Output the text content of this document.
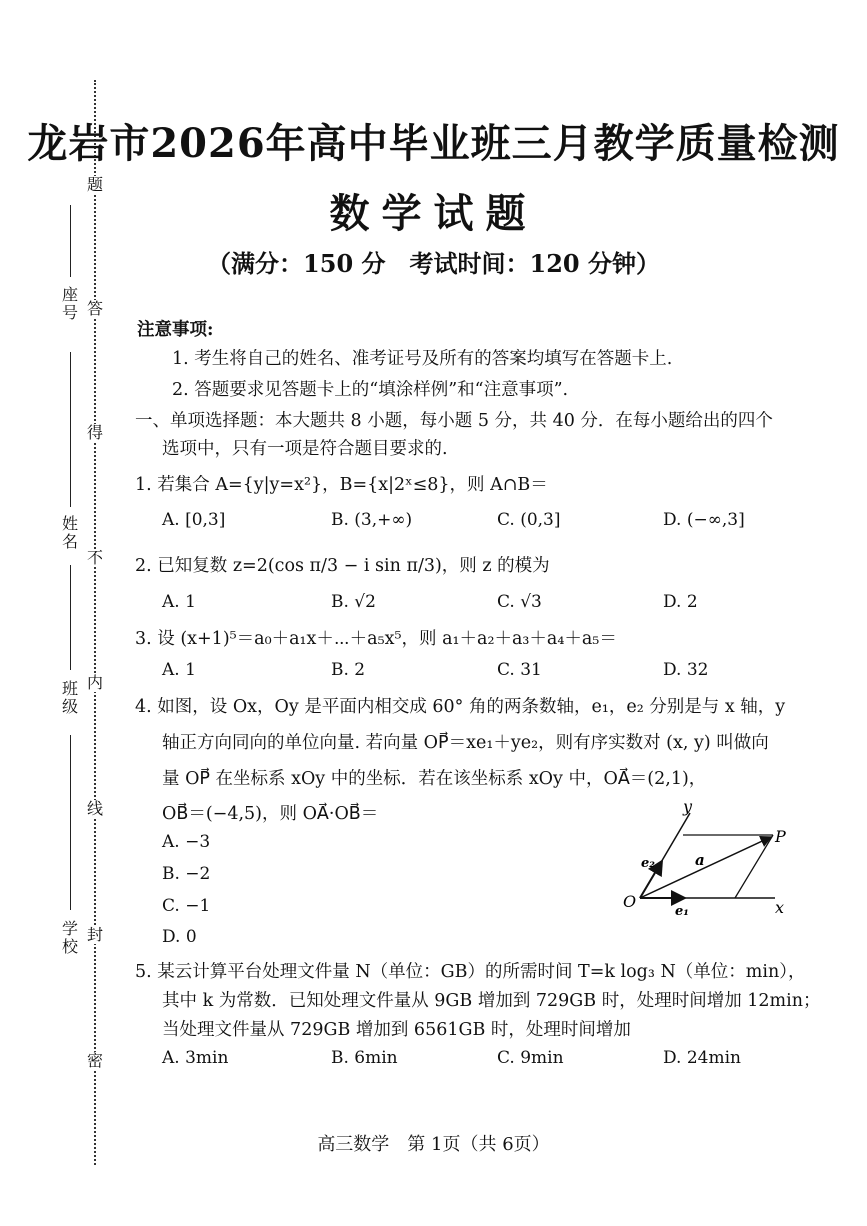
题
答
得
不
内
线
封
密
座号
姓名
班级
学校
龙岩市2026年高中毕业班三月教学质量检测
数学试题
（满分：150 分　考试时间：120 分钟）
注意事项:
1. 考生将自己的姓名、准考证号及所有的答案均填写在答题卡上.
2. 答题要求见答题卡上的“填涂样例”和“注意事项”.
一、单项选择题：本大题共 8 小题，每小题 5 分，共 40 分．在每小题给出的四个
选项中，只有一项是符合题目要求的.
1. 若集合 A={y|y=x²}，B={x|2ˣ≤8}，则 A∩B＝
A. [0,3]	B. (3,+∞)	C. (0,3]	D. (−∞,3]
2. 已知复数 z=2(cos π/3 − i sin π/3)，则 z 的模为
A. 1	B. √2	C. √3	D. 2
3. 设 (x+1)⁵＝a₀＋a₁x＋⋯＋a₅x⁵，则 a₁＋a₂＋a₃＋a₄＋a₅＝
A. 1	B. 2	C. 31	D. 32
4. 如图，设 Ox，Oy 是平面内相交成 60° 角的两条数轴，e₁，e₂ 分别是与 x 轴，y
轴正方向同向的单位向量. 若向量 OP⃗＝xe₁＋ye₂，则有序实数对 (x, y) 叫做向
量 OP⃗ 在坐标系 xOy 中的坐标．若在该坐标系 xOy 中，OA⃗＝(2,1)，
OB⃗＝(−4,5)，则 OA⃗·OB⃗＝
A. −3
B. −2
C. −1
D. 0
y
x
O
P
a
e₁
e₂
5. 某云计算平台处理文件量 N（单位：GB）的所需时间 T=k log₃ N（单位：min），
其中 k 为常数．已知处理文件量从 9GB 增加到 729GB 时，处理时间增加 12min；
当处理文件量从 729GB 增加到 6561GB 时，处理时间增加
A. 3min	B. 6min	C. 9min	D. 24min
高三数学　第 1页（共 6页）
